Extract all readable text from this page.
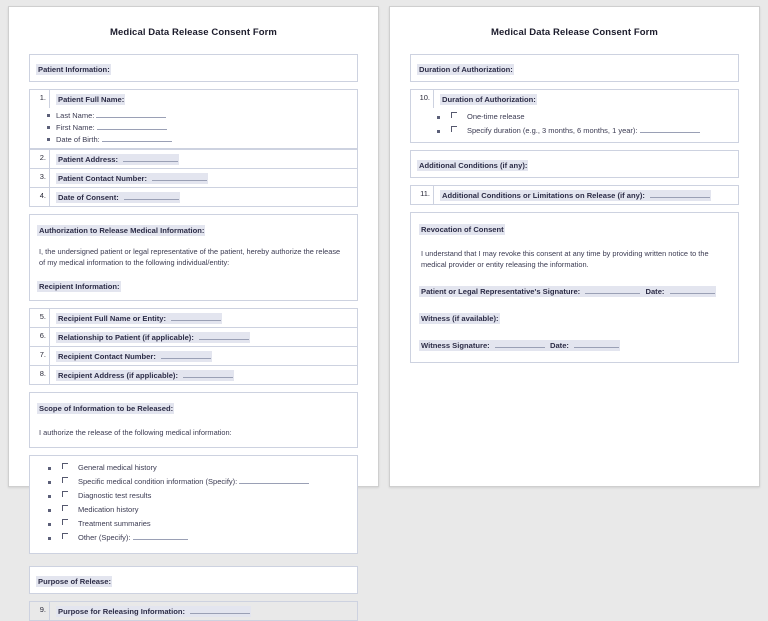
Medical Data Release Consent Form
Patient Information:
1.	Patient Full Name:
Last Name:
First Name:
Date of Birth:
2.	Patient Address:
3.	Patient Contact Number:
4.	Date of Consent:
Authorization to Release Medical Information:
I, the undersigned patient or legal representative of the patient, hereby authorize the release of my medical information to the following individual/entity:
Recipient Information:
5.	Recipient Full Name or Entity:
6.	Relationship to Patient (if applicable):
7.	Recipient Contact Number:
8.	Recipient Address (if applicable):
Scope of Information to be Released:
I authorize the release of the following medical information:
General medical history
Specific medical condition information (Specify):
Diagnostic test results
Medication history
Treatment summaries
Other (Specify):
Purpose of Release:
9.	Purpose for Releasing Information:
Medical Data Release Consent Form
Duration of Authorization:
10.	Duration of Authorization:
One-time release
Specify duration (e.g., 3 months, 6 months, 1 year):
Additional Conditions (if any):
11.	Additional Conditions or Limitations on Release (if any):
Revocation of Consent
I understand that I may revoke this consent at any time by providing written notice to the medical provider or entity releasing the information.
Patient or Legal Representative's Signature:	Date:
Witness (if available):
Witness Signature:	Date:
